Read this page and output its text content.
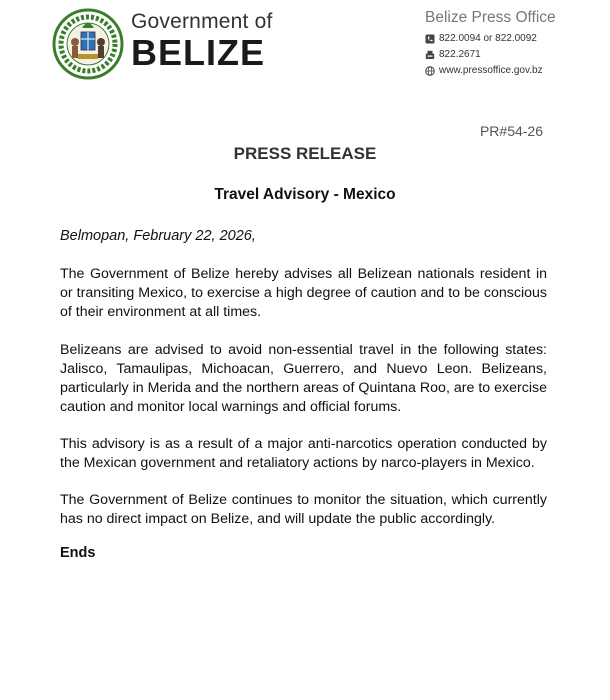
Government of
BELIZE
Belize Press Office
822.0094 or 822.0092
822.2671
www.pressoffice.gov.bz
PR#54-26
PRESS RELEASE
Travel Advisory - Mexico
Belmopan, February 22, 2026,

The Government of Belize hereby advises all Belizean nationals resident in or transiting Mexico, to exercise a high degree of caution and to be conscious of their environment at all times.

Belizeans are advised to avoid non-essential travel in the following states: Jalisco, Tamaulipas, Michoacan, Guerrero, and Nuevo Leon. Belizeans, particularly in Merida and the northern areas of Quintana Roo, are to exercise caution and monitor local warnings and official forums.

This advisory is as a result of a major anti-narcotics operation conducted by the Mexican government and retaliatory actions by narco-players in Mexico.

The Government of Belize continues to monitor the situation, which currently has no direct impact on Belize, and will update the public accordingly.

Ends
